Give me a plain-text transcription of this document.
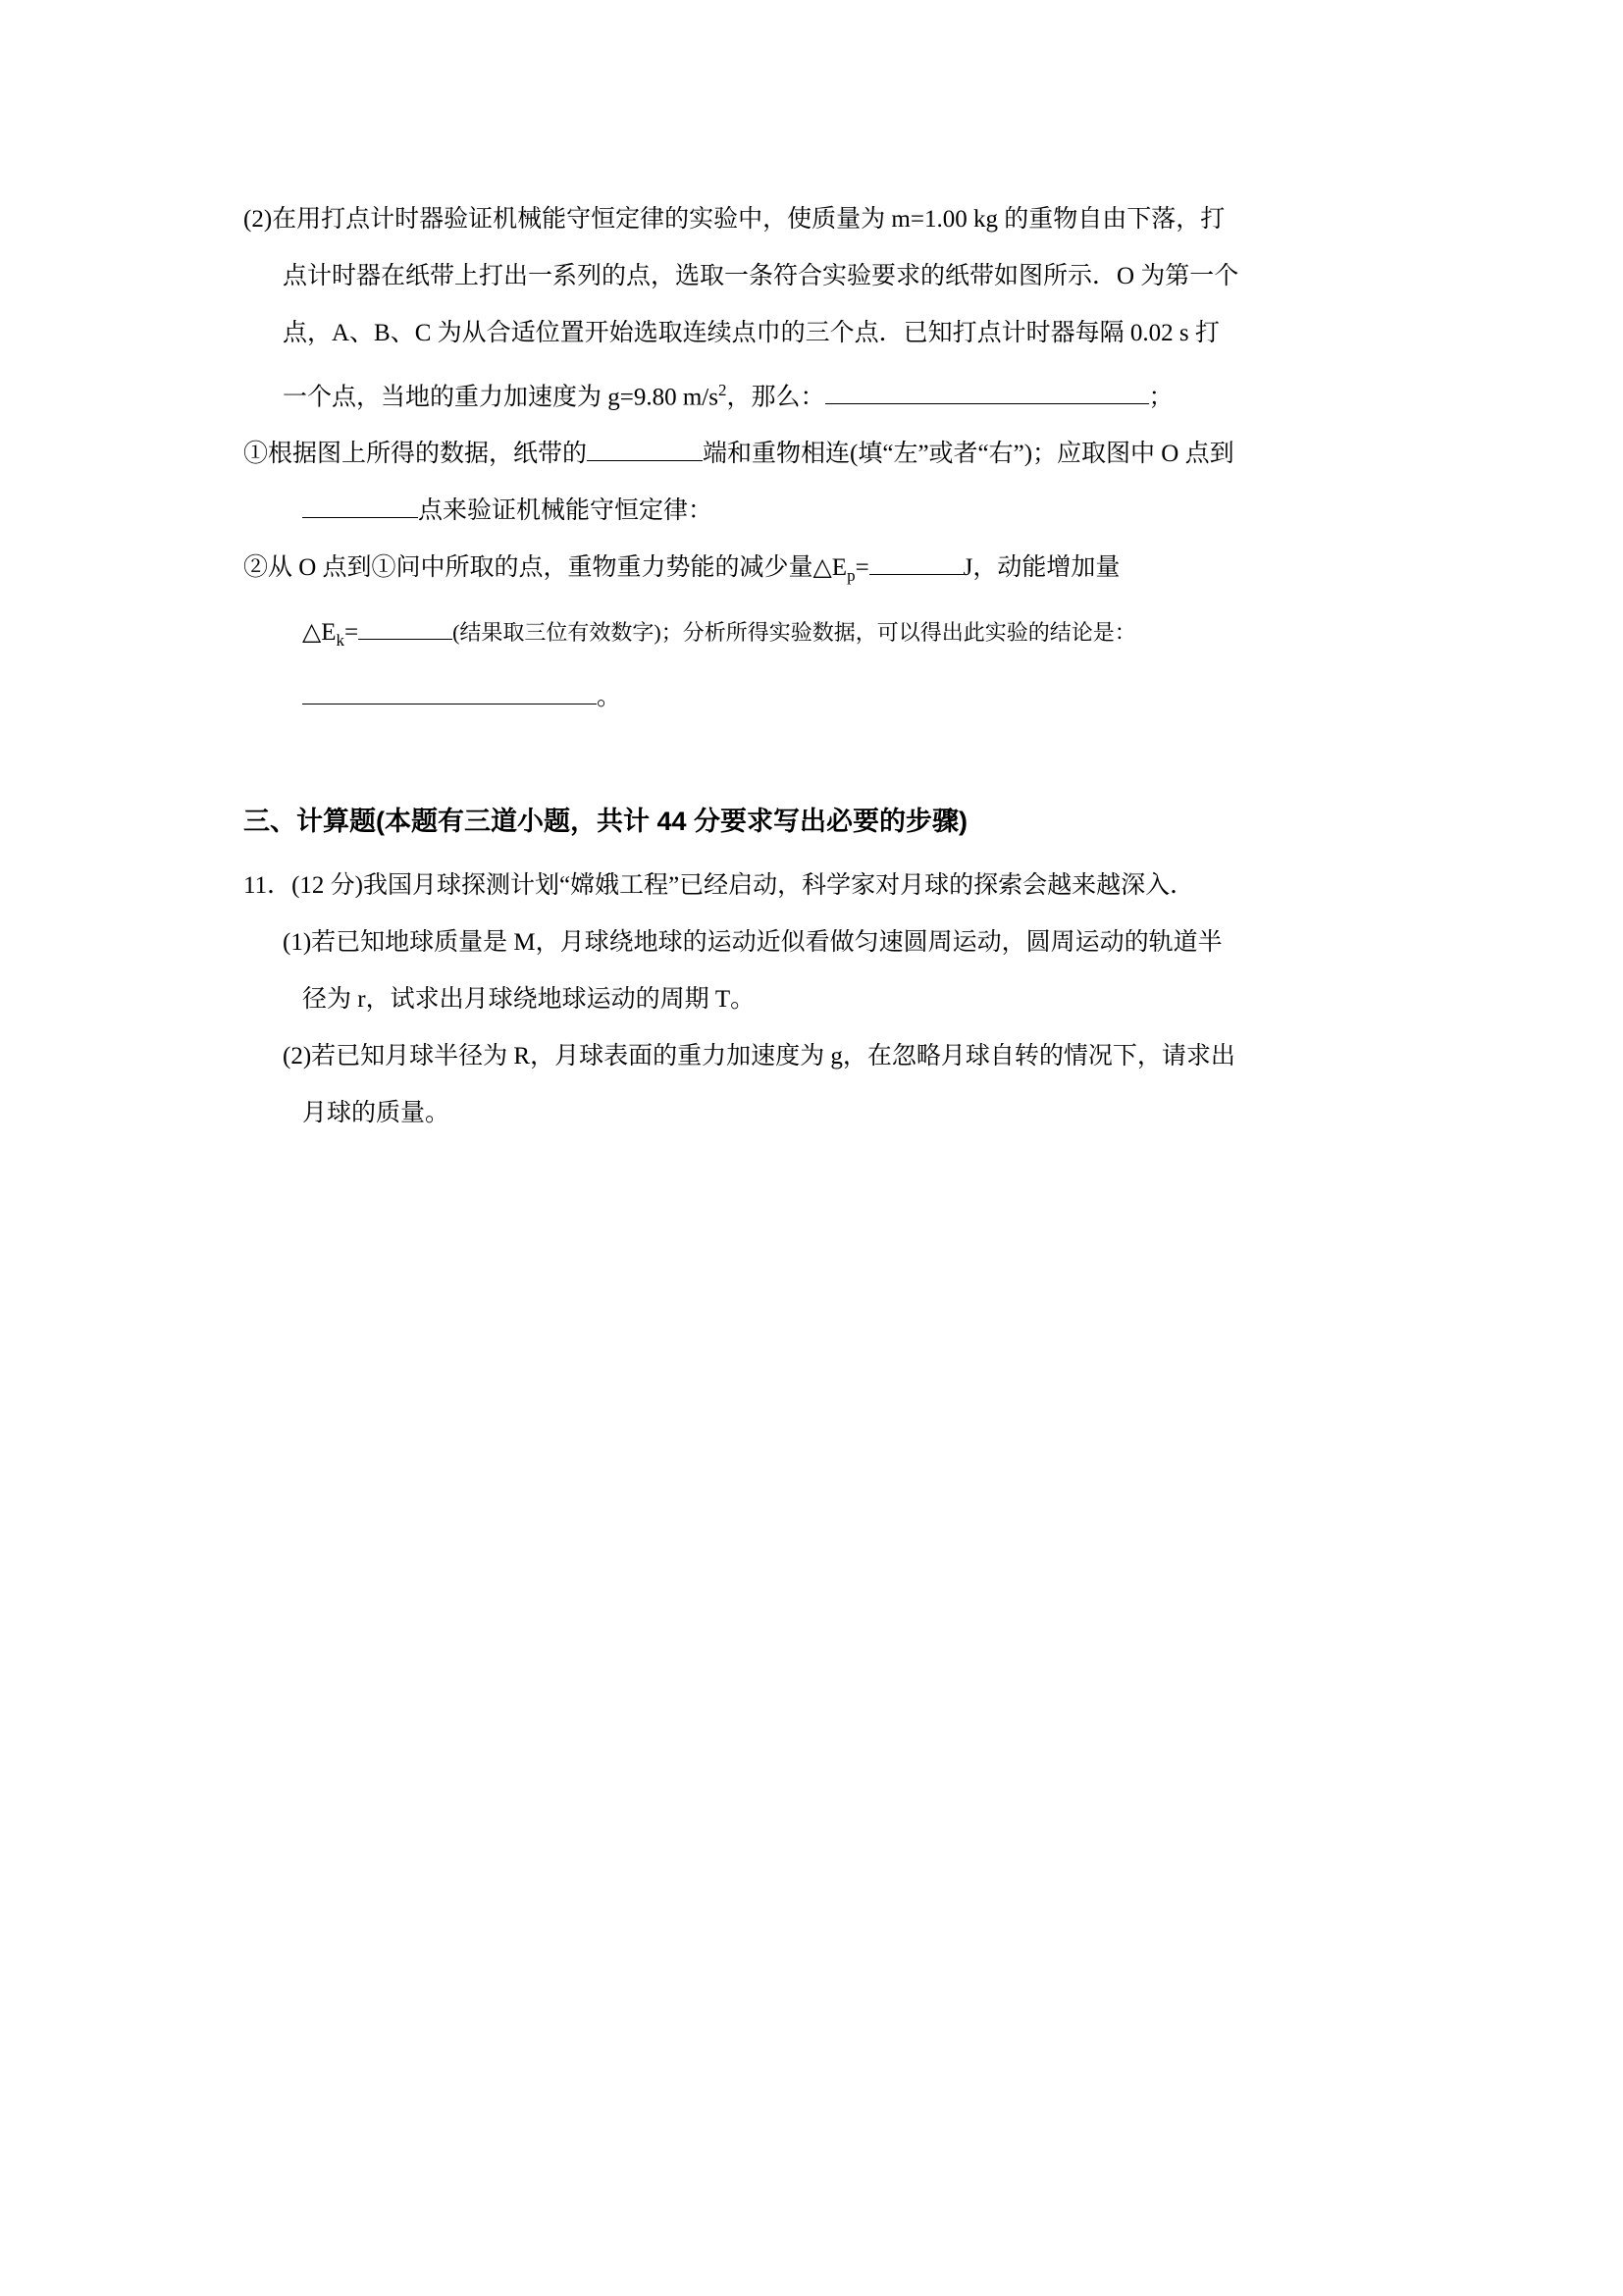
(2)在用打点计时器验证机械能守恒定律的实验中，使质量为 m=1.00 kg 的重物自由下落，打
点计时器在纸带上打出一系列的点，选取一条符合实验要求的纸带如图所示．O 为第一个
点，A、B、C 为从合适位置开始选取连续点巾的三个点．已知打点计时器每隔 0.02 s 打
一个点，当地的重力加速度为 g=9.80 $m/s^2$，那么：	；
①根据图上所得的数据，纸带的	端和重物相连(填“左”或者“右”)；应取图中 O 点到
点来验证机械能守恒定律：
②从 O 点到①问中所取的点，重物重力势能的减少量$\triangle E_p=$	J，动能增加量
$\triangle E_k=$	(结果取三位有效数字)；分析所得实验数据，可以得出此实验的结论是：
。
三、计算题(本题有三道小题，共计 44 分要求写出必要的步骤)
11．(12 分)我国月球探测计划“嫦娥工程”已经启动，科学家对月球的探索会越来越深入．
(1)若已知地球质量是 M，月球绕地球的运动近似看做匀速圆周运动，圆周运动的轨道半
径为 r，试求出月球绕地球运动的周期 T。
(2)若已知月球半径为 R，月球表面的重力加速度为 g，在忽略月球自转的情况下，请求出
月球的质量。
